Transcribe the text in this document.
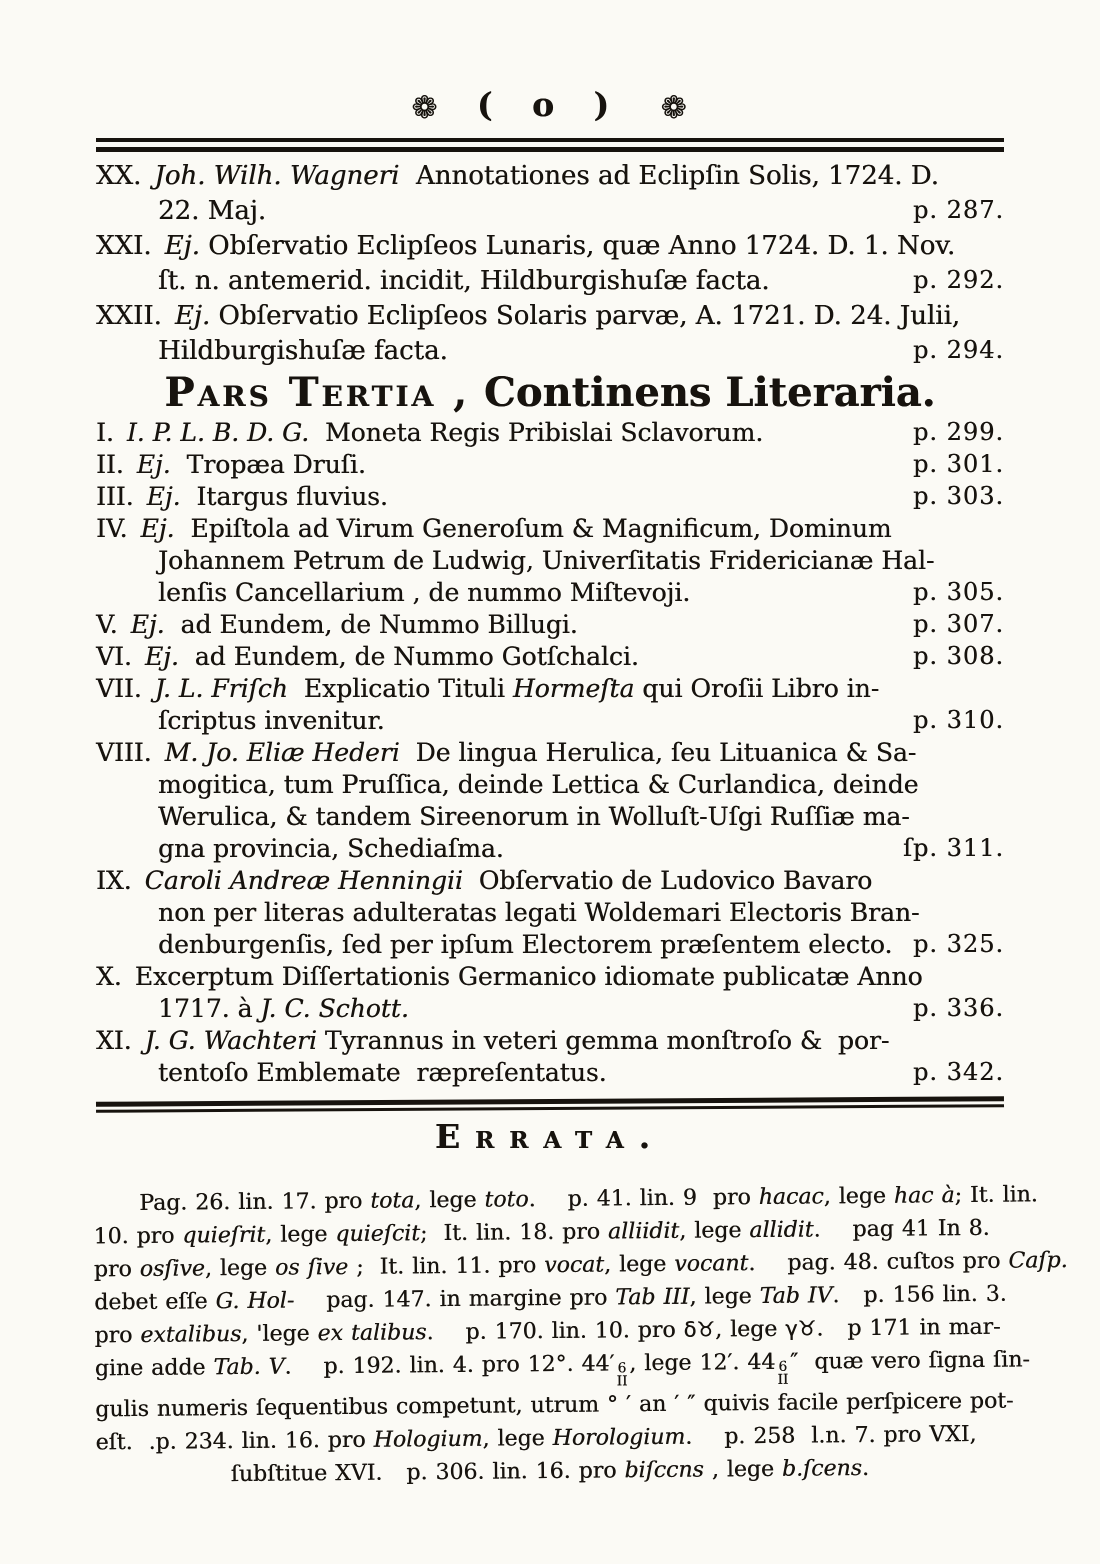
❁ ( o ) ❁
XX. Joh. Wilh. Wagneri  Annotationes ad Eclipſin Solis, 1724. D.
22. Maj.	p. 287.
XXI. Ej. Obſervatio Eclipſeos Lunaris, quæ Anno 1724. D. 1. Nov.
ſt. n. antemerid. incidit, Hildburgishuſæ facta.	p. 292.
XXII. Ej. Obſervatio Eclipſeos Solaris parvæ, A. 1721. D. 24. Julii,
Hildburgishuſæ facta.	p. 294.
Pars Tertia , Continens Literaria.
I. I. P. L. B. D. G.  Moneta Regis Pribislai Sclavorum.	p. 299.
II. Ej.  Tropæa Druſi.	p. 301.
III. Ej.  Itargus fluvius.	p. 303.
IV. Ej.  Epiſtola ad Virum Generoſum & Magnificum, Dominum
Johannem Petrum de Ludwig, Univerſitatis Fridericianæ Hal-
lenſis Cancellarium , de nummo Miſtevoji.	p. 305.
V. Ej.  ad Eundem, de Nummo Billugi.	p. 307.
VI. Ej.  ad Eundem, de Nummo Gotſchalci.	p. 308.
VII. J. L. Friſch  Explicatio Tituli Hormeſta qui Oroſii Libro in-
ſcriptus invenitur.	p. 310.
VIII. M. Jo. Eliæ Hederi  De lingua Herulica, ſeu Lituanica & Sa-
mogitica, tum Pruſſica, deinde Lettica & Curlandica, deinde
Werulica, & tandem Sireenorum in Wolluſt-Uſgi Ruſſiæ ma-
gna provincia, Schediaſma.	ſp. 311.
IX. Caroli Andreæ Henningii  Obſervatio de Ludovico Bavaro
non per literas adulteratas legati Woldemari Electoris Bran-
denburgenſis, ſed per ipſum Electorem præſentem electo. p. 325.
X. Excerptum Diſſertationis Germanico idiomate publicatæ Anno
1717. à J. C. Schott.	p. 336.
XI. J. G. Wachteri Tyrannus in veteri gemma monſtroſo &  por-
tentoſo Emblemate  ræpreſentatus.	p. 342.
Errata.
Pag. 26. lin. 17. pro tota, lege toto.    p. 41. lin. 9  pro hacac, lege hac à; It. lin.
10. pro quieſrit, lege quieſcit;  It. lin. 18. pro alliidit, lege allidit.    pag 41 In 8.
pro osſive, lege os ſive ;  It. lin. 11. pro vocat, lege vocant.    pag. 48. cuſtos pro Caſp.
debet eſſe G. Hol-    pag. 147. in margine pro Tab III, lege Tab IV.   p. 156 lin. 3.
pro extalibus, 'lege ex talibus.    p. 170. lin. 10. pro δ♉, lege γ♉.   p 171 in mar-
gine adde Tab. V.    p. 192. lin. 4. pro 12°. 44′ 6
II
, lege 12′. 44 6
II
″  quæ vero ſigna ſin-
gulis numeris ſequentibus competunt, utrum ° ′ an ′ ″ quivis facile perſpicere pot-
eſt.  .p. 234. lin. 16. pro Hologium, lege Horologium.    p. 258  l.n. 7. pro VXI,
ſubſtitue XVI.   p. 306. lin. 16. pro biſccns , lege b.ſcens.
